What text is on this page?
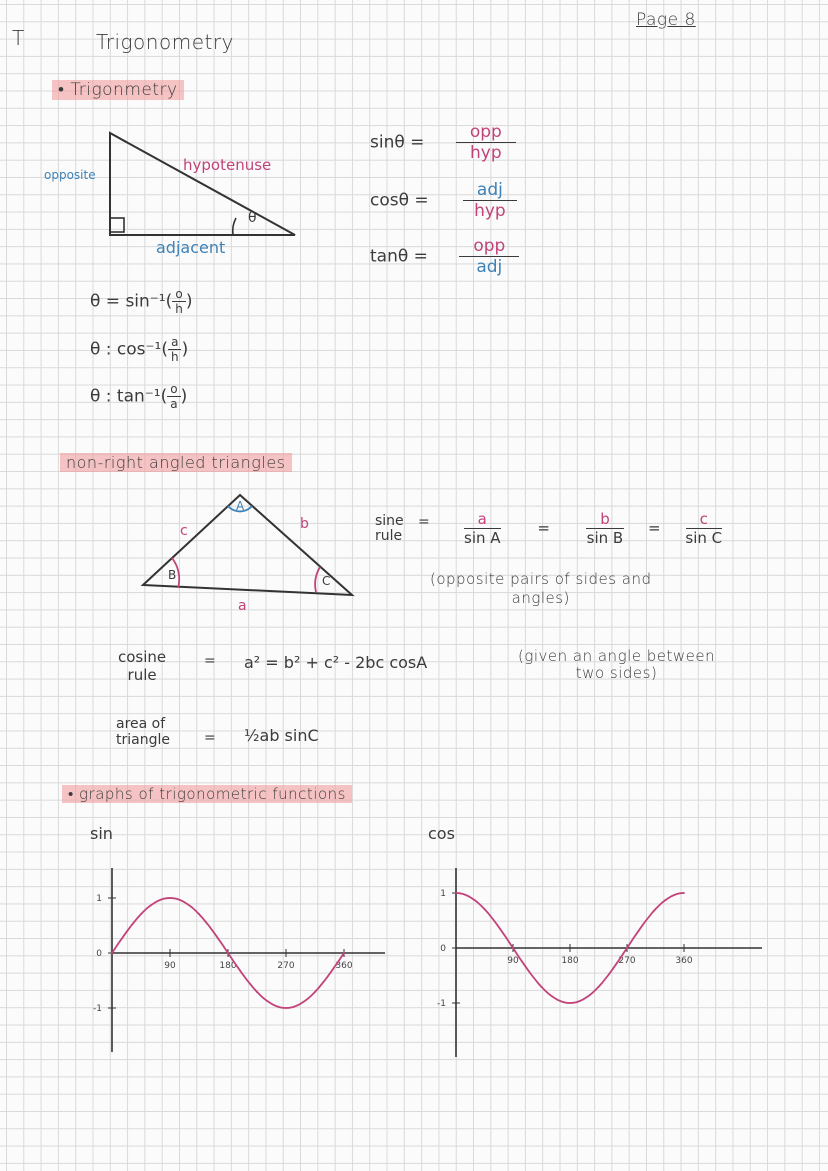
T
Page 8
Trigonometry
• Trigonmetry
opposite
hypotenuse
adjacent
θ
$\sin\theta = \frac{\text{opp}}{\text{hyp}}$
$\cos\theta = \frac{\text{adj}}{\text{hyp}}$
$\tan\theta = \frac{\text{opp}}{\text{adj}}$
$\theta = \sin^{-1}( \frac{o}{h}$ )
θ : $\cos^{-1}( \frac{a}{h}$ )
θ : $\tan^{-1}( \frac{o}{a}$ )
non-right angled triangles
A
B	C
c	b
a
sine
rule
= $\frac{a}{\text{sin A}} = \frac{b}{\text{sin B}} = \frac{c}{\text{sin C}}$
(opposite pairs of sides and
angles)
cosine
rule
= a² = b² + c² - 2bc cosA	(given an angle between
two sides)
area of
triangle = ½ab sinC
• graphs of trigonometric functions
sin	cos
90	180	270	360
1
0
-1
90	180	270	360
1
0
-1
